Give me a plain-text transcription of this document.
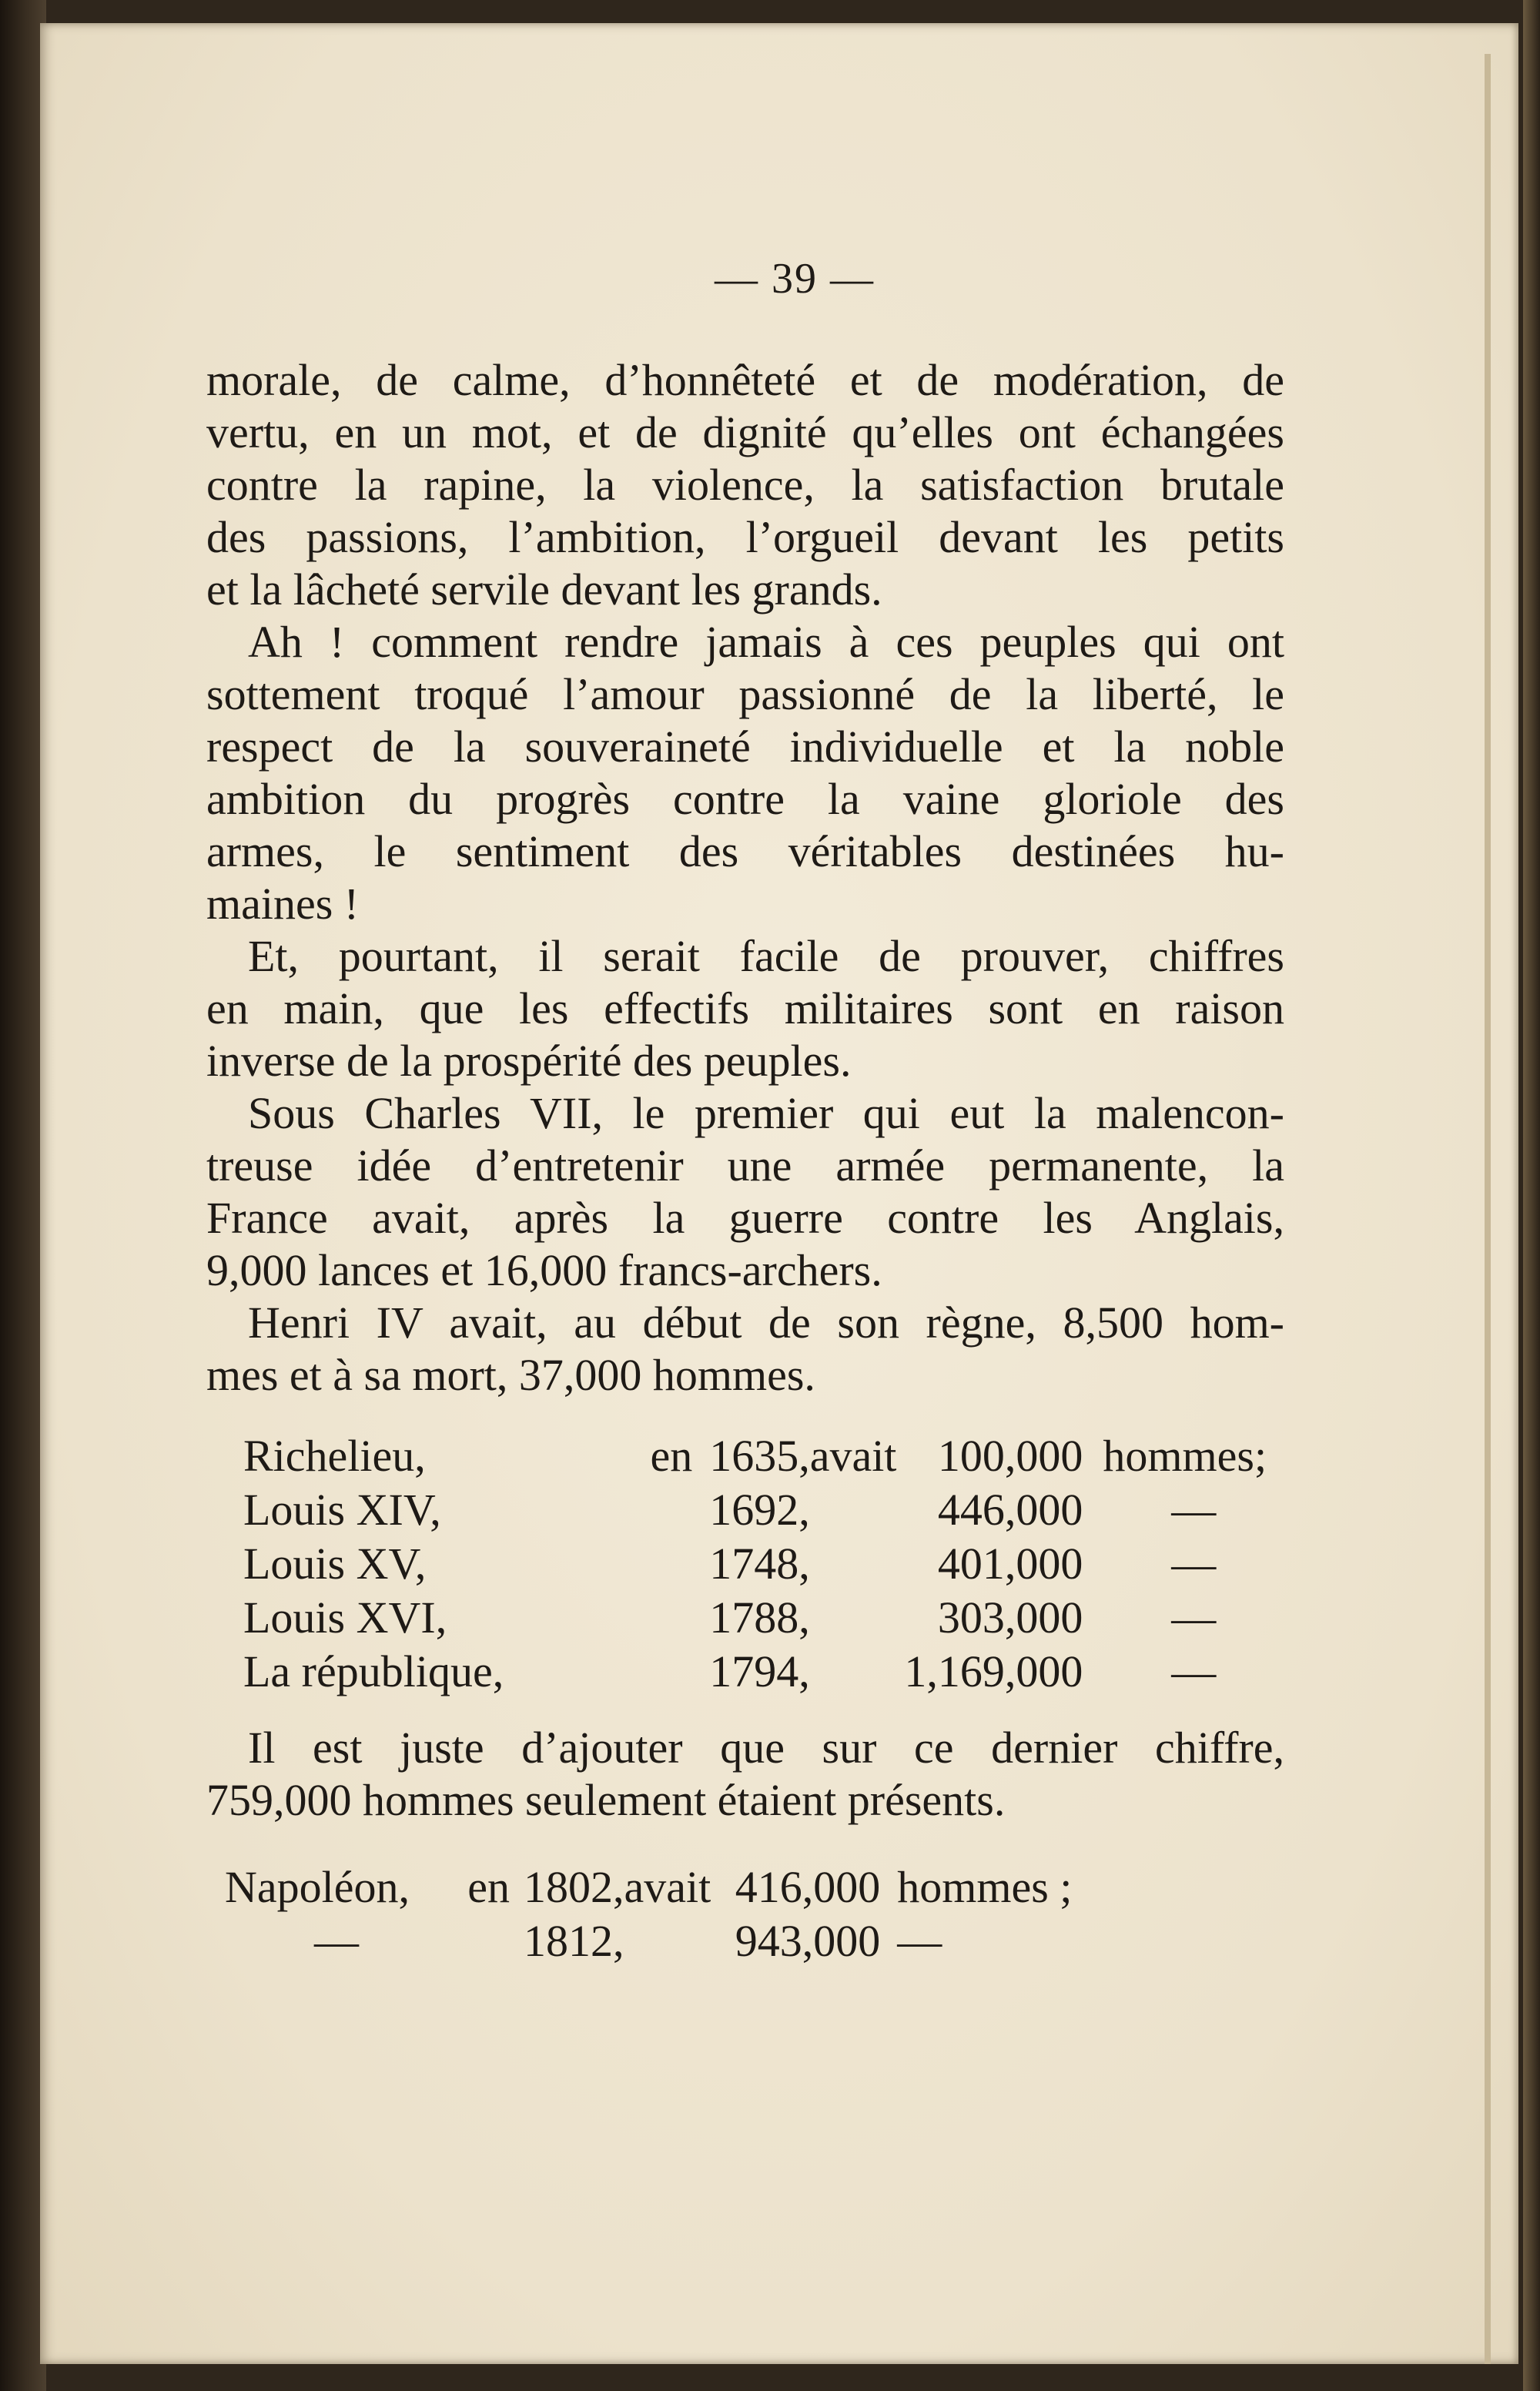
— 39 —

morale, de calme, d’honnêteté et de modération, de
vertu, en un mot, et de dignité qu’elles ont échangées
contre la rapine, la violence, la satisfaction brutale
des passions, l’ambition, l’orgueil devant les petits
et la lâcheté servile devant les grands.

Ah ! comment rendre jamais à ces peuples qui ont
sottement troqué l’amour passionné de la liberté, le
respect de la souveraineté individuelle et la noble
ambition du progrès contre la vaine gloriole des
armes, le sentiment des véritables destinées hu-
maines !

Et, pourtant, il serait facile de prouver, chiffres
en main, que les effectifs militaires sont en raison
inverse de la prospérité des peuples.

Sous Charles VII, le premier qui eut la malencon-
treuse idée d’entretenir une armée permanente, la
France avait, après la guerre contre les Anglais,
9,000 lances et 16,000 francs-archers.

Henri IV avait, au début de son règne, 8,500 hom-
mes et à sa mort, 37,000 hommes.

Richelieu,	en	1635,	avait	100,000	hommes;
Louis XIV,		1692,		446,000	—
Louis XV,		1748,		401,000	—
Louis XVI,		1788,		303,000	—
La république,		1794,		1,169,000	—

Il est juste d’ajouter que sur ce dernier chiffre,
759,000 hommes seulement étaient présents.

Napoléon,	en	1802,	avait	416,000	hommes ;
—		1812,		943,000	—
